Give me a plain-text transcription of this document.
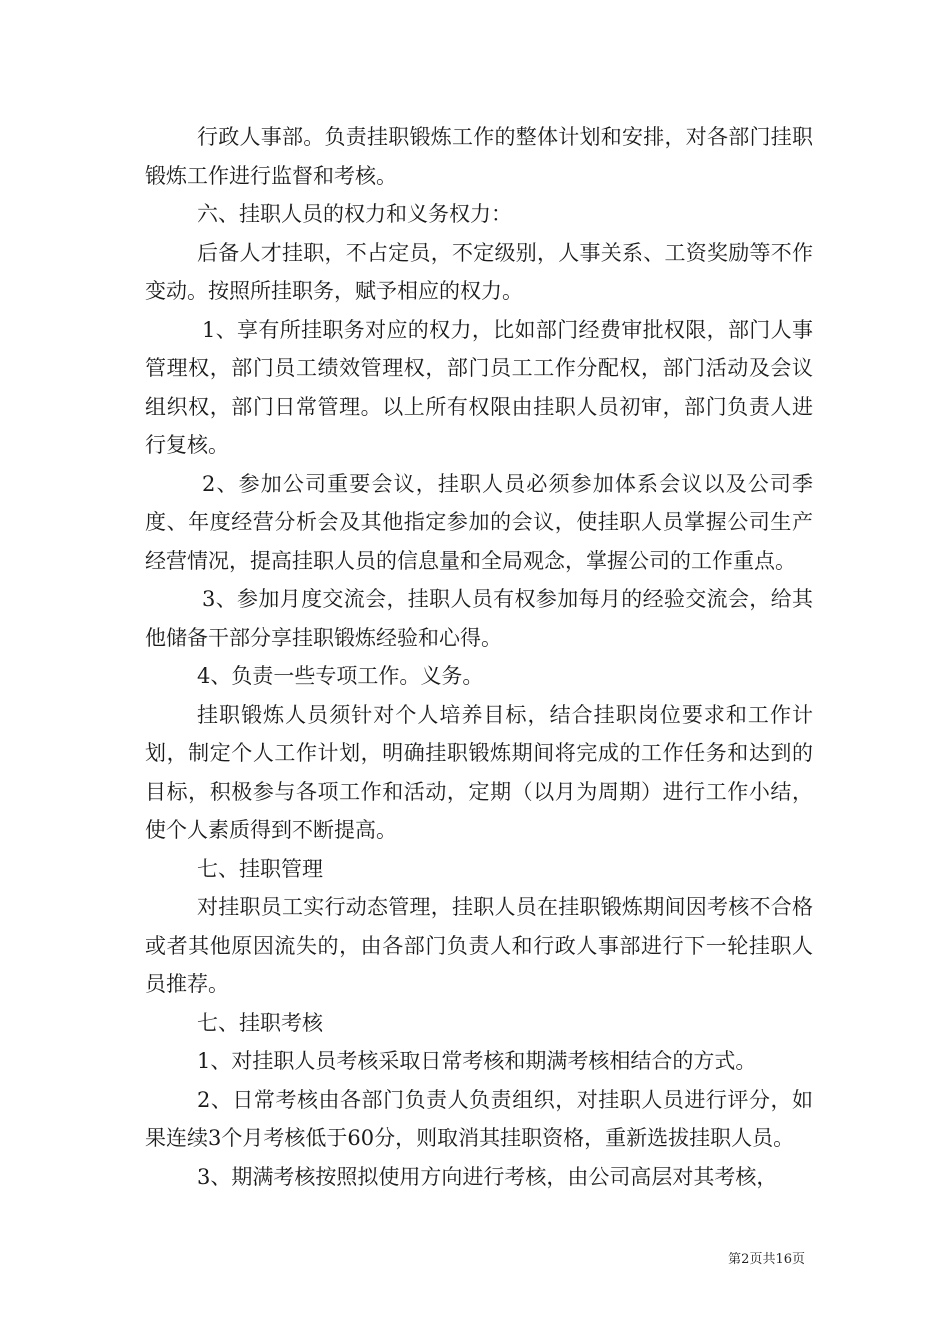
行政人事部。负责挂职锻炼工作的整体计划和安排，对各部门挂职锻炼工作进行监督和考核。

六、挂职人员的权力和义务权力：

后备人才挂职，不占定员，不定级别，人事关系、工资奖励等不作变动。按照所挂职务，赋予相应的权力。

1、享有所挂职务对应的权力，比如部门经费审批权限，部门人事管理权，部门员工绩效管理权，部门员工工作分配权，部门活动及会议组织权，部门日常管理。以上所有权限由挂职人员初审，部门负责人进行复核。

2、参加公司重要会议，挂职人员必须参加体系会议以及公司季度、年度经营分析会及其他指定参加的会议，使挂职人员掌握公司生产经营情况，提高挂职人员的信息量和全局观念，掌握公司的工作重点。

3、参加月度交流会，挂职人员有权参加每月的经验交流会，给其他储备干部分享挂职锻炼经验和心得。

4、负责一些专项工作。义务。

挂职锻炼人员须针对个人培养目标，结合挂职岗位要求和工作计划，制定个人工作计划，明确挂职锻炼期间将完成的工作任务和达到的目标，积极参与各项工作和活动，定期（以月为周期）进行工作小结，使个人素质得到不断提高。

七、挂职管理

对挂职员工实行动态管理，挂职人员在挂职锻炼期间因考核不合格或者其他原因流失的，由各部门负责人和行政人事部进行下一轮挂职人员推荐。

七、挂职考核

1、对挂职人员考核采取日常考核和期满考核相结合的方式。

2、日常考核由各部门负责人负责组织，对挂职人员进行评分，如果连续3个月考核低于60分，则取消其挂职资格，重新选拔挂职人员。

3、期满考核按照拟使用方向进行考核，由公司高层对其考核，

第2页共16页
